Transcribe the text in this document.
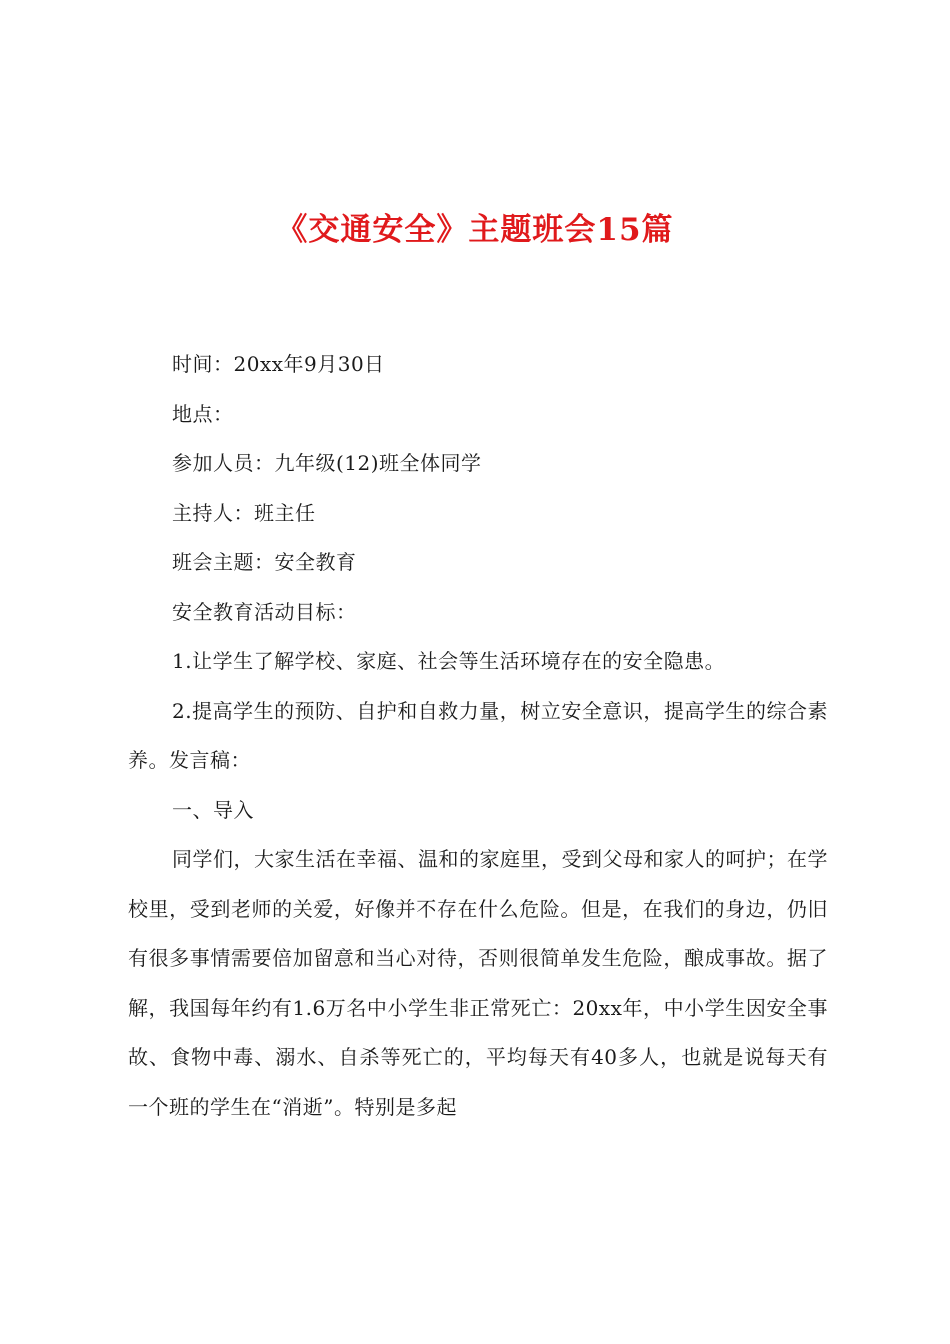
《交通安全》主题班会15篇

时间：20xx年9月30日

地点：

参加人员：九年级(12)班全体同学

主持人：班主任

班会主题：安全教育

安全教育活动目标：

1.让学生了解学校、家庭、社会等生活环境存在的安全隐患。

2.提高学生的预防、自护和自救力量，树立安全意识，提高学生的综合素养。发言稿：

一、导入

同学们，大家生活在幸福、温和的家庭里，受到父母和家人的呵护；在学校里，受到老师的关爱，好像并不存在什么危险。但是，在我们的身边，仍旧有很多事情需要倍加留意和当心对待，否则很简单发生危险，酿成事故。据了解，我国每年约有1.6万名中小学生非正常死亡：20xx年，中小学生因安全事故、食物中毒、溺水、自杀等死亡的，平均每天有40多人，也就是说每天有一个班的学生在“消逝”。特别是多起
